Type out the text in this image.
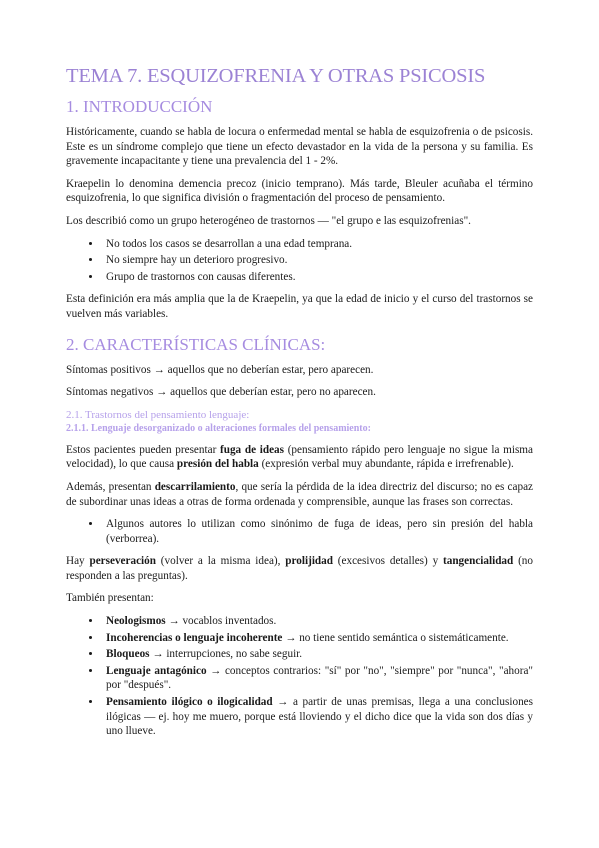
TEMA 7. ESQUIZOFRENIA Y OTRAS PSICOSIS
1. INTRODUCCIÓN

Históricamente, cuando se habla de locura o enfermedad mental se habla de esquizofrenia o de psicosis. Este es un síndrome complejo que tiene un efecto devastador en la vida de la persona y su familia. Es gravemente incapacitante y tiene una prevalencia del 1 - 2%.

Kraepelin lo denomina demencia precoz (inicio temprano). Más tarde, Bleuler acuñaba el término esquizofrenia, lo que significa división o fragmentación del proceso de pensamiento.

Los describió como un grupo heterogéneo de trastornos — "el grupo e las esquizofrenias".

• No todos los casos se desarrollan a una edad temprana.
• No siempre hay un deterioro progresivo.
• Grupo de trastornos con causas diferentes.

Esta definición era más amplia que la de Kraepelin, ya que la edad de inicio y el curso del trastornos se vuelven más variables.

2. CARACTERÍSTICAS CLÍNICAS:

Síntomas positivos → aquellos que no deberían estar, pero aparecen.

Síntomas negativos → aquellos que deberían estar, pero no aparecen.

2.1. Trastornos del pensamiento lenguaje:
2.1.1. Lenguaje desorganizado o alteraciones formales del pensamiento:

Estos pacientes pueden presentar fuga de ideas (pensamiento rápido pero lenguaje no sigue la misma velocidad), lo que causa presión del habla (expresión verbal muy abundante, rápida e irrefrenable).

Además, presentan descarrilamiento, que sería la pérdida de la idea directriz del discurso; no es capaz de subordinar unas ideas a otras de forma ordenada y comprensible, aunque las frases son correctas.

• Algunos autores lo utilizan como sinónimo de fuga de ideas, pero sin presión del habla (verborrea).

Hay perseveración (volver a la misma idea), prolijidad (excesivos detalles) y tangencialidad (no responden a las preguntas).

También presentan:

• Neologismos → vocablos inventados.
• Incoherencias o lenguaje incoherente → no tiene sentido semántica o sistemáticamente.
• Bloqueos → interrupciones, no sabe seguir.
• Lenguaje antagónico → conceptos contrarios: "sí" por "no", "siempre" por "nunca", "ahora" por "después".
• Pensamiento ilógico o ilogicalidad → a partir de unas premisas, llega a una conclusiones ilógicas — ej. hoy me muero, porque está lloviendo y el dicho dice que la vida son dos días y uno llueve.
